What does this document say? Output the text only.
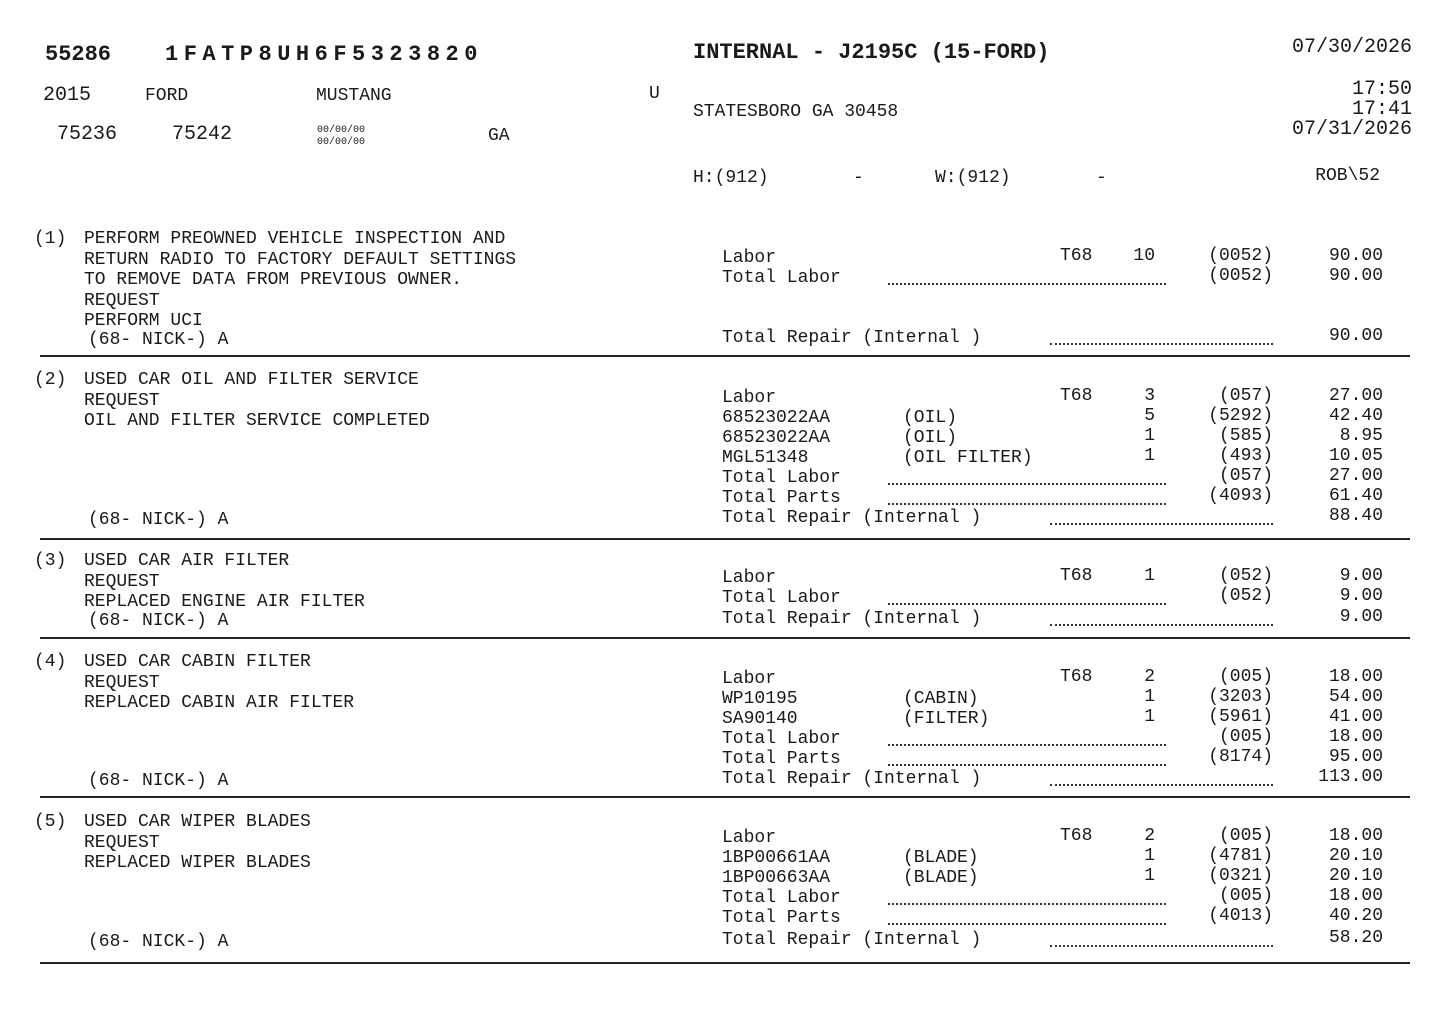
55286 1FATP8UH6F5323820	INTERNAL - J2195C (15-FORD)	07/30/2026
2015	FORD	MUSTANG	U
STATESBORO GA 30458
17:50
17:41
07/31/2026
75236	75242	00/00/00
00/00/00	GA
H:(912)	-	W:(912)	-	ROB\52
(1) PERFORM PREOWNED VEHICLE INSPECTION AND
RETURN RADIO TO FACTORY DEFAULT SETTINGS
TO REMOVE DATA FROM PREVIOUS OWNER.
REQUEST
PERFORM UCI
(68- NICK-) A
Labor	T68	10	(0052)	90.00
Total Labor	(0052)	90.00
Total Repair (Internal )	90.00
(2) USED CAR OIL AND FILTER SERVICE
REQUEST
OIL AND FILTER SERVICE COMPLETED
(68- NICK-) A
Labor	T68	3	(057)	27.00
68523022AA	(OIL)	5	(5292)	42.40
68523022AA	(OIL)	1	(585)	8.95
MGL51348	(OIL FILTER)	1	(493)	10.05
Total Labor	(057)	27.00
Total Parts	(4093)	61.40
Total Repair (Internal )	88.40
(3) USED CAR AIR FILTER
REQUEST
REPLACED ENGINE AIR FILTER
(68- NICK-) A
Labor	T68	1	(052)	9.00
Total Labor	(052)	9.00
Total Repair (Internal )	9.00
(4) USED CAR CABIN FILTER
REQUEST
REPLACED CABIN AIR FILTER
(68- NICK-) A
Labor	T68	2	(005)	18.00
WP10195	(CABIN)	1	(3203)	54.00
SA90140	(FILTER)	1	(5961)	41.00
Total Labor	(005)	18.00
Total Parts	(8174)	95.00
Total Repair (Internal )	113.00
(5) USED CAR WIPER BLADES
REQUEST
REPLACED WIPER BLADES
(68- NICK-) A
Labor	T68	2	(005)	18.00
1BP00661AA	(BLADE)	1	(4781)	20.10
1BP00663AA	(BLADE)	1	(0321)	20.10
Total Labor	(005)	18.00
Total Parts	(4013)	40.20
Total Repair (Internal )	58.20
